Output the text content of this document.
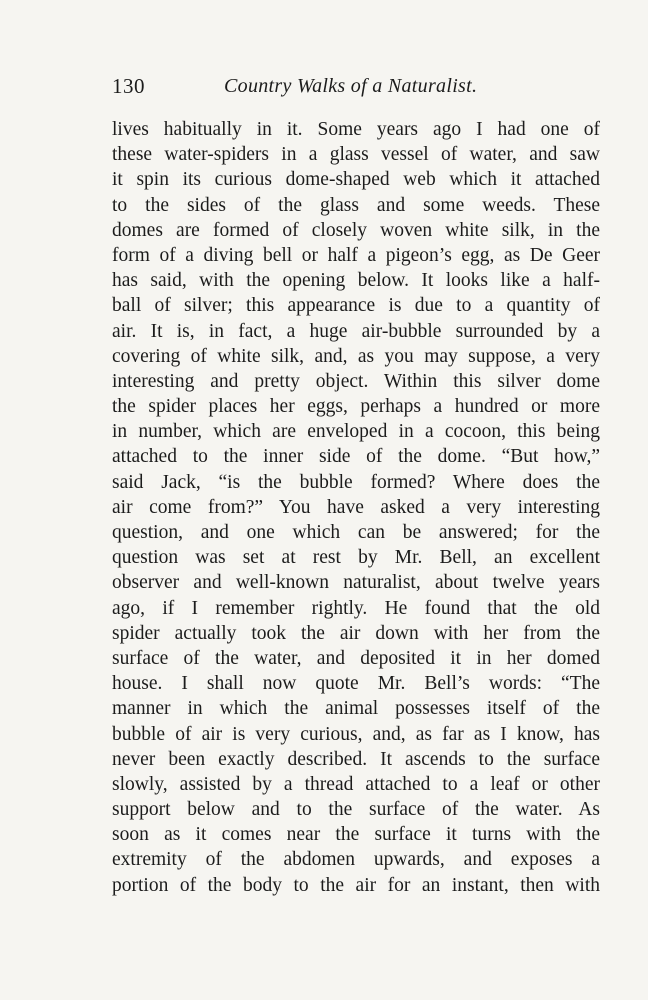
130	Country Walks of a Naturalist.
lives habitually in it. Some years ago I had one of
these water-spiders in a glass vessel of water, and saw
it spin its curious dome-shaped web which it attached
to the sides of the glass and some weeds. These
domes are formed of closely woven white silk, in the
form of a diving bell or half a pigeon’s egg, as De Geer
has said, with the opening below. It looks like a half-
ball of silver; this appearance is due to a quantity of
air. It is, in fact, a huge air-bubble surrounded by a
covering of white silk, and, as you may suppose, a very
interesting and pretty object. Within this silver dome
the spider places her eggs, perhaps a hundred or more
in number, which are enveloped in a cocoon, this being
attached to the inner side of the dome. “But how,”
said Jack, “is the bubble formed? Where does the
air come from?” You have asked a very interesting
question, and one which can be answered; for the
question was set at rest by Mr. Bell, an excellent
observer and well-known naturalist, about twelve years
ago, if I remember rightly. He found that the old
spider actually took the air down with her from the
surface of the water, and deposited it in her domed
house. I shall now quote Mr. Bell’s words: “The
manner in which the animal possesses itself of the
bubble of air is very curious, and, as far as I know, has
never been exactly described. It ascends to the surface
slowly, assisted by a thread attached to a leaf or other
support below and to the surface of the water. As
soon as it comes near the surface it turns with the
extremity of the abdomen upwards, and exposes a
portion of the body to the air for an instant, then with
